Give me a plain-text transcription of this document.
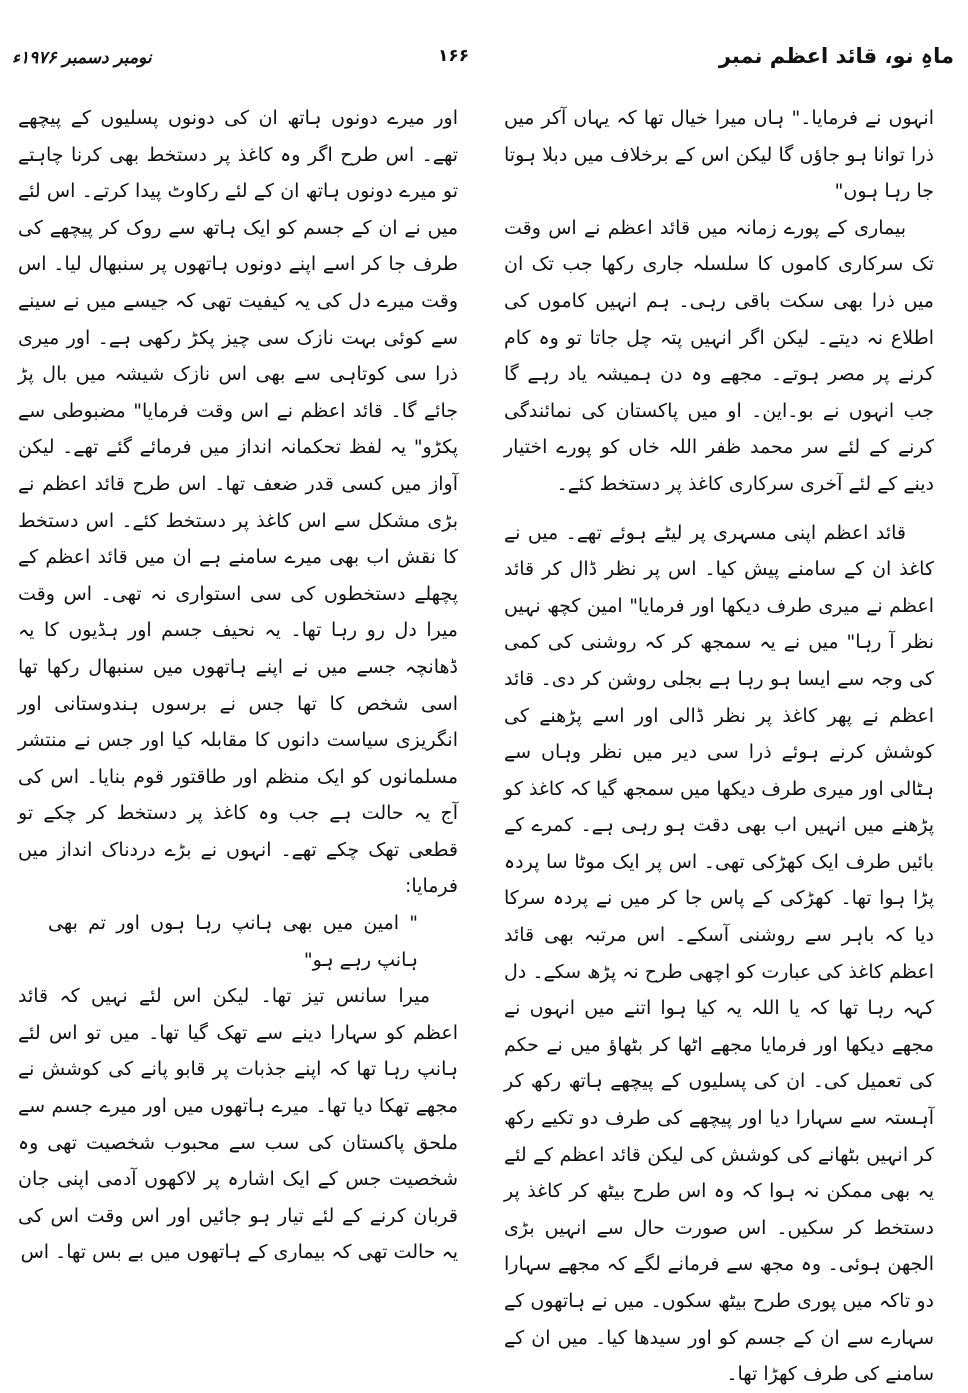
نومبر دسمبر ۱۹۷۶ء	۱۶۶	ماہِ نو، قائد اعظم نمبر

انہوں نے فرمایا۔" ہاں میرا خیال تھا کہ یہاں آکر میں ذرا توانا ہو جاؤں گا لیکن اس کے برخلاف میں دبلا ہوتا جا رہا ہوں"

بیماری کے پورے زمانہ میں قائد اعظم نے اس وقت تک سرکاری کاموں کا سلسلہ جاری رکھا جب تک ان میں ذرا بھی سکت باقی رہی۔ ہم انہیں کاموں کی اطلاع نہ دیتے۔ لیکن اگر انہیں پتہ چل جاتا تو وہ کام کرنے پر مصر ہوتے۔ مجھے وہ دن ہمیشہ یاد رہے گا جب انہوں نے بو۔این۔ او میں پاکستان کی نمائندگی کرنے کے لئے سر محمد ظفر اللہ خاں کو پورے اختیار دینے کے لئے آخری سرکاری کاغذ پر دستخط کئے۔

قائد اعظم اپنی مسہری پر لیٹے ہوئے تھے۔ میں نے کاغذ ان کے سامنے پیش کیا۔ اس پر نظر ڈال کر قائد اعظم نے میری طرف دیکھا اور فرمایا" امین کچھ نہیں نظر آ رہا" میں نے یہ سمجھ کر کہ روشنی کی کمی کی وجہ سے ایسا ہو رہا ہے بجلی روشن کر دی۔ قائد اعظم نے پھر کاغذ پر نظر ڈالی اور اسے پڑھنے کی کوشش کرنے ہوئے ذرا سی دیر میں نظر وہاں سے ہٹالی اور میری طرف دیکھا میں سمجھ گیا کہ کاغذ کو پڑھنے میں انہیں اب بھی دقت ہو رہی ہے۔ کمرے کے بائیں طرف ایک کھڑکی تھی۔ اس پر ایک موٹا سا پردہ پڑا ہوا تھا۔ کھڑکی کے پاس جا کر میں نے پردہ سرکا دیا کہ باہر سے روشنی آسکے۔ اس مرتبہ بھی قائد اعظم کاغذ کی عبارت کو اچھی طرح نہ پڑھ سکے۔ دل کہہ رہا تھا کہ یا اللہ یہ کیا ہوا اتنے میں انہوں نے مجھے دیکھا اور فرمایا مجھے اٹھا کر بٹھاؤ میں نے حکم کی تعمیل کی۔ ان کی پسلیوں کے پیچھے ہاتھ رکھ کر آہستہ سے سہارا دیا اور پیچھے کی طرف دو تکیے رکھ کر انہیں بٹھانے کی کوشش کی لیکن قائد اعظم کے لئے یہ بھی ممکن نہ ہوا کہ وہ اس طرح بیٹھ کر کاغذ پر دستخط کر سکیں۔ اس صورت حال سے انہیں بڑی الجھن ہوئی۔ وہ مجھ سے فرمانے لگے کہ مجھے سہارا دو تاکہ میں پوری طرح بیٹھ سکوں۔ میں نے ہاتھوں کے سہارے سے ان کے جسم کو اور سیدھا کیا۔ میں ان کے سامنے کی طرف کھڑا تھا۔

اور میرے دونوں ہاتھ ان کی دونوں پسلیوں کے پیچھے تھے۔ اس طرح اگر وہ کاغذ پر دستخط بھی کرنا چاہتے تو میرے دونوں ہاتھ ان کے لئے رکاوٹ پیدا کرتے۔ اس لئے میں نے ان کے جسم کو ایک ہاتھ سے روک کر پیچھے کی طرف جا کر اسے اپنے دونوں ہاتھوں پر سنبھال لیا۔ اس وقت میرے دل کی یہ کیفیت تھی کہ جیسے میں نے سینے سے کوئی بہت نازک سی چیز پکڑ رکھی ہے۔ اور میری ذرا سی کوتاہی سے بھی اس نازک شیشہ میں بال پڑ جائے گا۔ قائد اعظم نے اس وقت فرمایا" مضبوطی سے پکڑو" یہ لفظ تحکمانہ انداز میں فرمائے گئے تھے۔ لیکن آواز میں کسی قدر ضعف تھا۔ اس طرح قائد اعظم نے بڑی مشکل سے اس کاغذ پر دستخط کئے۔ اس دستخط کا نقش اب بھی میرے سامنے ہے ان میں قائد اعظم کے پچھلے دستخطوں کی سی استواری نہ تھی۔ اس وقت میرا دل رو رہا تھا۔ یہ نحیف جسم اور ہڈیوں کا یہ ڈھانچہ جسے میں نے اپنے ہاتھوں میں سنبھال رکھا تھا اسی شخص کا تھا جس نے برسوں ہندوستانی اور انگریزی سیاست دانوں کا مقابلہ کیا اور جس نے منتشر مسلمانوں کو ایک منظم اور طاقتور قوم بنایا۔ اس کی آج یہ حالت ہے جب وہ کاغذ پر دستخط کر چکے تو قطعی تھک چکے تھے۔ انہوں نے بڑے دردناک انداز میں فرمایا:

" امین میں بھی ہانپ رہا ہوں اور تم بھی ہانپ رہے ہو"

میرا سانس تیز تھا۔ لیکن اس لئے نہیں کہ قائد اعظم کو سہارا دینے سے تھک گیا تھا۔ میں تو اس لئے ہانپ رہا تھا کہ اپنے جذبات پر قابو پانے کی کوشش نے مجھے تھکا دیا تھا۔ میرے ہاتھوں میں اور میرے جسم سے ملحق پاکستان کی سب سے محبوب شخصیت تھی وہ شخصیت جس کے ایک اشارہ پر لاکھوں آدمی اپنی جان قربان کرنے کے لئے تیار ہو جائیں اور اس وقت اس کی یہ حالت تھی کہ بیماری کے ہاتھوں میں بے بس تھا۔ اس
